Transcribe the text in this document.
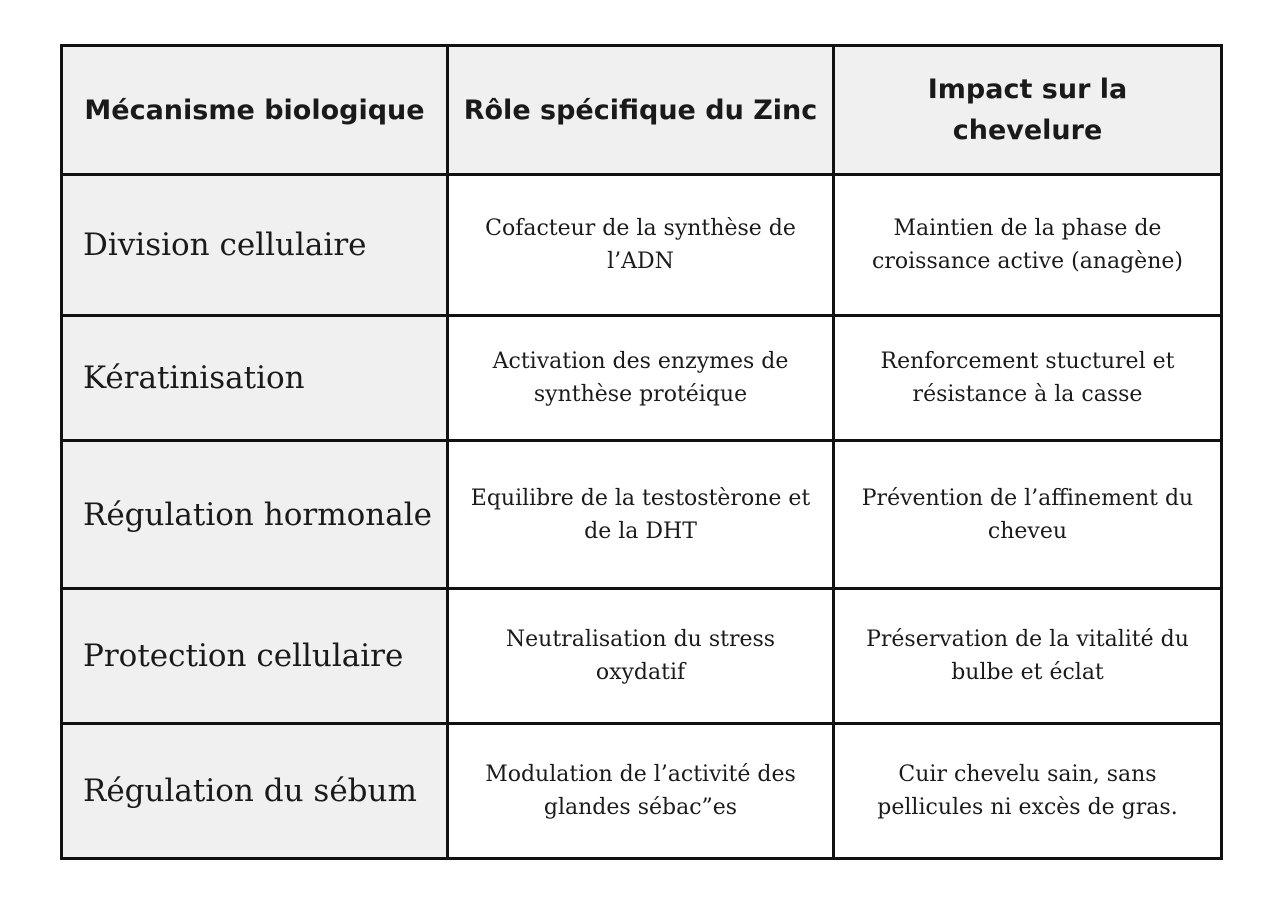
Mécanisme biologique	Rôle spécifique du Zinc	Impact sur la chevelure
Division cellulaire	Cofacteur de la synthèse de l’ADN	Maintien de la phase de croissance active (anagène)
Kératinisation	Activation des enzymes de synthèse protéique	Renforcement stucturel et résistance à la casse
Régulation hormonale	Equilibre de la testostèrone et de la DHT	Prévention de l’affinement du cheveu
Protection cellulaire	Neutralisation du stress oxydatif	Préservation de la vitalité du bulbe et éclat
Régulation du sébum	Modulation de l’activité des glandes sébac”es	Cuir chevelu sain, sans pellicules ni excès de gras.
